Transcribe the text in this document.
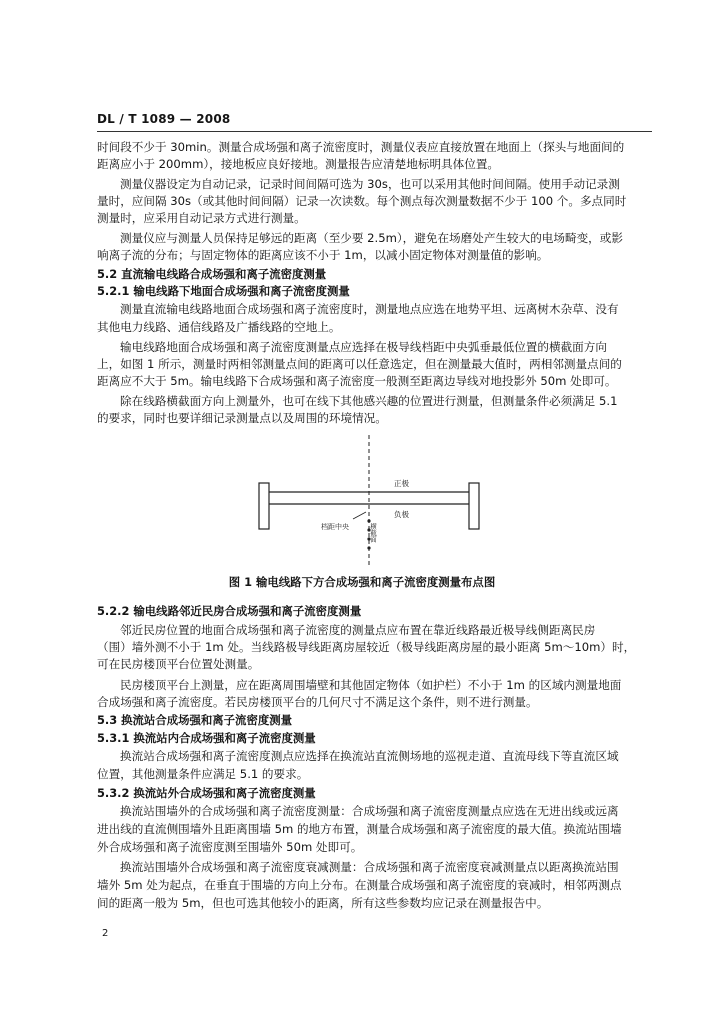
DL / T 1089 — 2008
时间段不少于 30min。测量合成场强和离子流密度时，测量仪表应直接放置在地面上（探头与地面间的
距离应小于 200mm），接地板应良好接地。测量报告应清楚地标明具体位置。
测量仪器设定为自动记录，记录时间间隔可选为 30s，也可以采用其他时间间隔。使用手动记录测
量时，应间隔 30s（或其他时间间隔）记录一次读数。每个测点每次测量数据不少于 100 个。多点同时
测量时，应采用自动记录方式进行测量。
测量仪应与测量人员保持足够远的距离（至少要 2.5m），避免在场磨处产生较大的电场畸变，或影
响离子流的分布；与固定物体的距离应该不小于 1m，以减小固定物体对测量值的影响。
5.2 直流输电线路合成场强和离子流密度测量
5.2.1 输电线路下地面合成场强和离子流密度测量
测量直流输电线路地面合成场强和离子流密度时，测量地点应选在地势平坦、远离树木杂草、没有
其他电力线路、通信线路及广播线路的空地上。
输电线路地面合成场强和离子流密度测量点应选择在极导线档距中央弧垂最低位置的横截面方向
上，如图 1 所示，测量时两相邻测量点间的距离可以任意选定，但在测量最大值时，两相邻测量点间的
距离应不大于 5m。输电线路下合成场强和离子流密度一般测至距离边导线对地投影外 50m 处即可。
除在线路横截面方向上测量外，也可在线下其他感兴趣的位置进行测量，但测量条件必须满足 5.1
的要求，同时也要详细记录测量点以及周围的环境情况。
正极
负极
档距中央	横截面
图 1 输电线路下方合成场强和离子流密度测量布点图
5.2.2 输电线路邻近民房合成场强和离子流密度测量
邻近民房位置的地面合成场强和离子流密度的测量点应布置在靠近线路最近极导线侧距离民房
（围）墙外测不小于 1m 处。当线路极导线距离房屋较近（极导线距离房屋的最小距离 5m～10m）时，
可在民房楼顶平台位置处测量。
民房楼顶平台上测量，应在距离周围墙壁和其他固定物体（如护栏）不小于 1m 的区域内测量地面
合成场强和离子流密度。若民房楼顶平台的几何尺寸不满足这个条件，则不进行测量。
5.3 换流站合成场强和离子流密度测量
5.3.1 换流站内合成场强和离子流密度测量
换流站合成场强和离子流密度测点应选择在换流站直流侧场地的巡视走道、直流母线下等直流区域
位置，其他测量条件应满足 5.1 的要求。
5.3.2 换流站外合成场强和离子流密度测量
换流站围墙外的合成场强和离子流密度测量：合成场强和离子流密度测量点应选在无进出线或远离
进出线的直流侧围墙外且距离围墙 5m 的地方布置，测量合成场强和离子流密度的最大值。换流站围墙
外合成场强和离子流密度测至围墙外 50m 处即可。
换流站围墙外合成场强和离子流密度衰减测量：合成场强和离子流密度衰减测量点以距离换流站围
墙外 5m 处为起点，在垂直于围墙的方向上分布。在测量合成场强和离子流密度的衰减时，相邻两测点
间的距离一般为 5m，但也可选其他较小的距离，所有这些参数均应记录在测量报告中。
2
